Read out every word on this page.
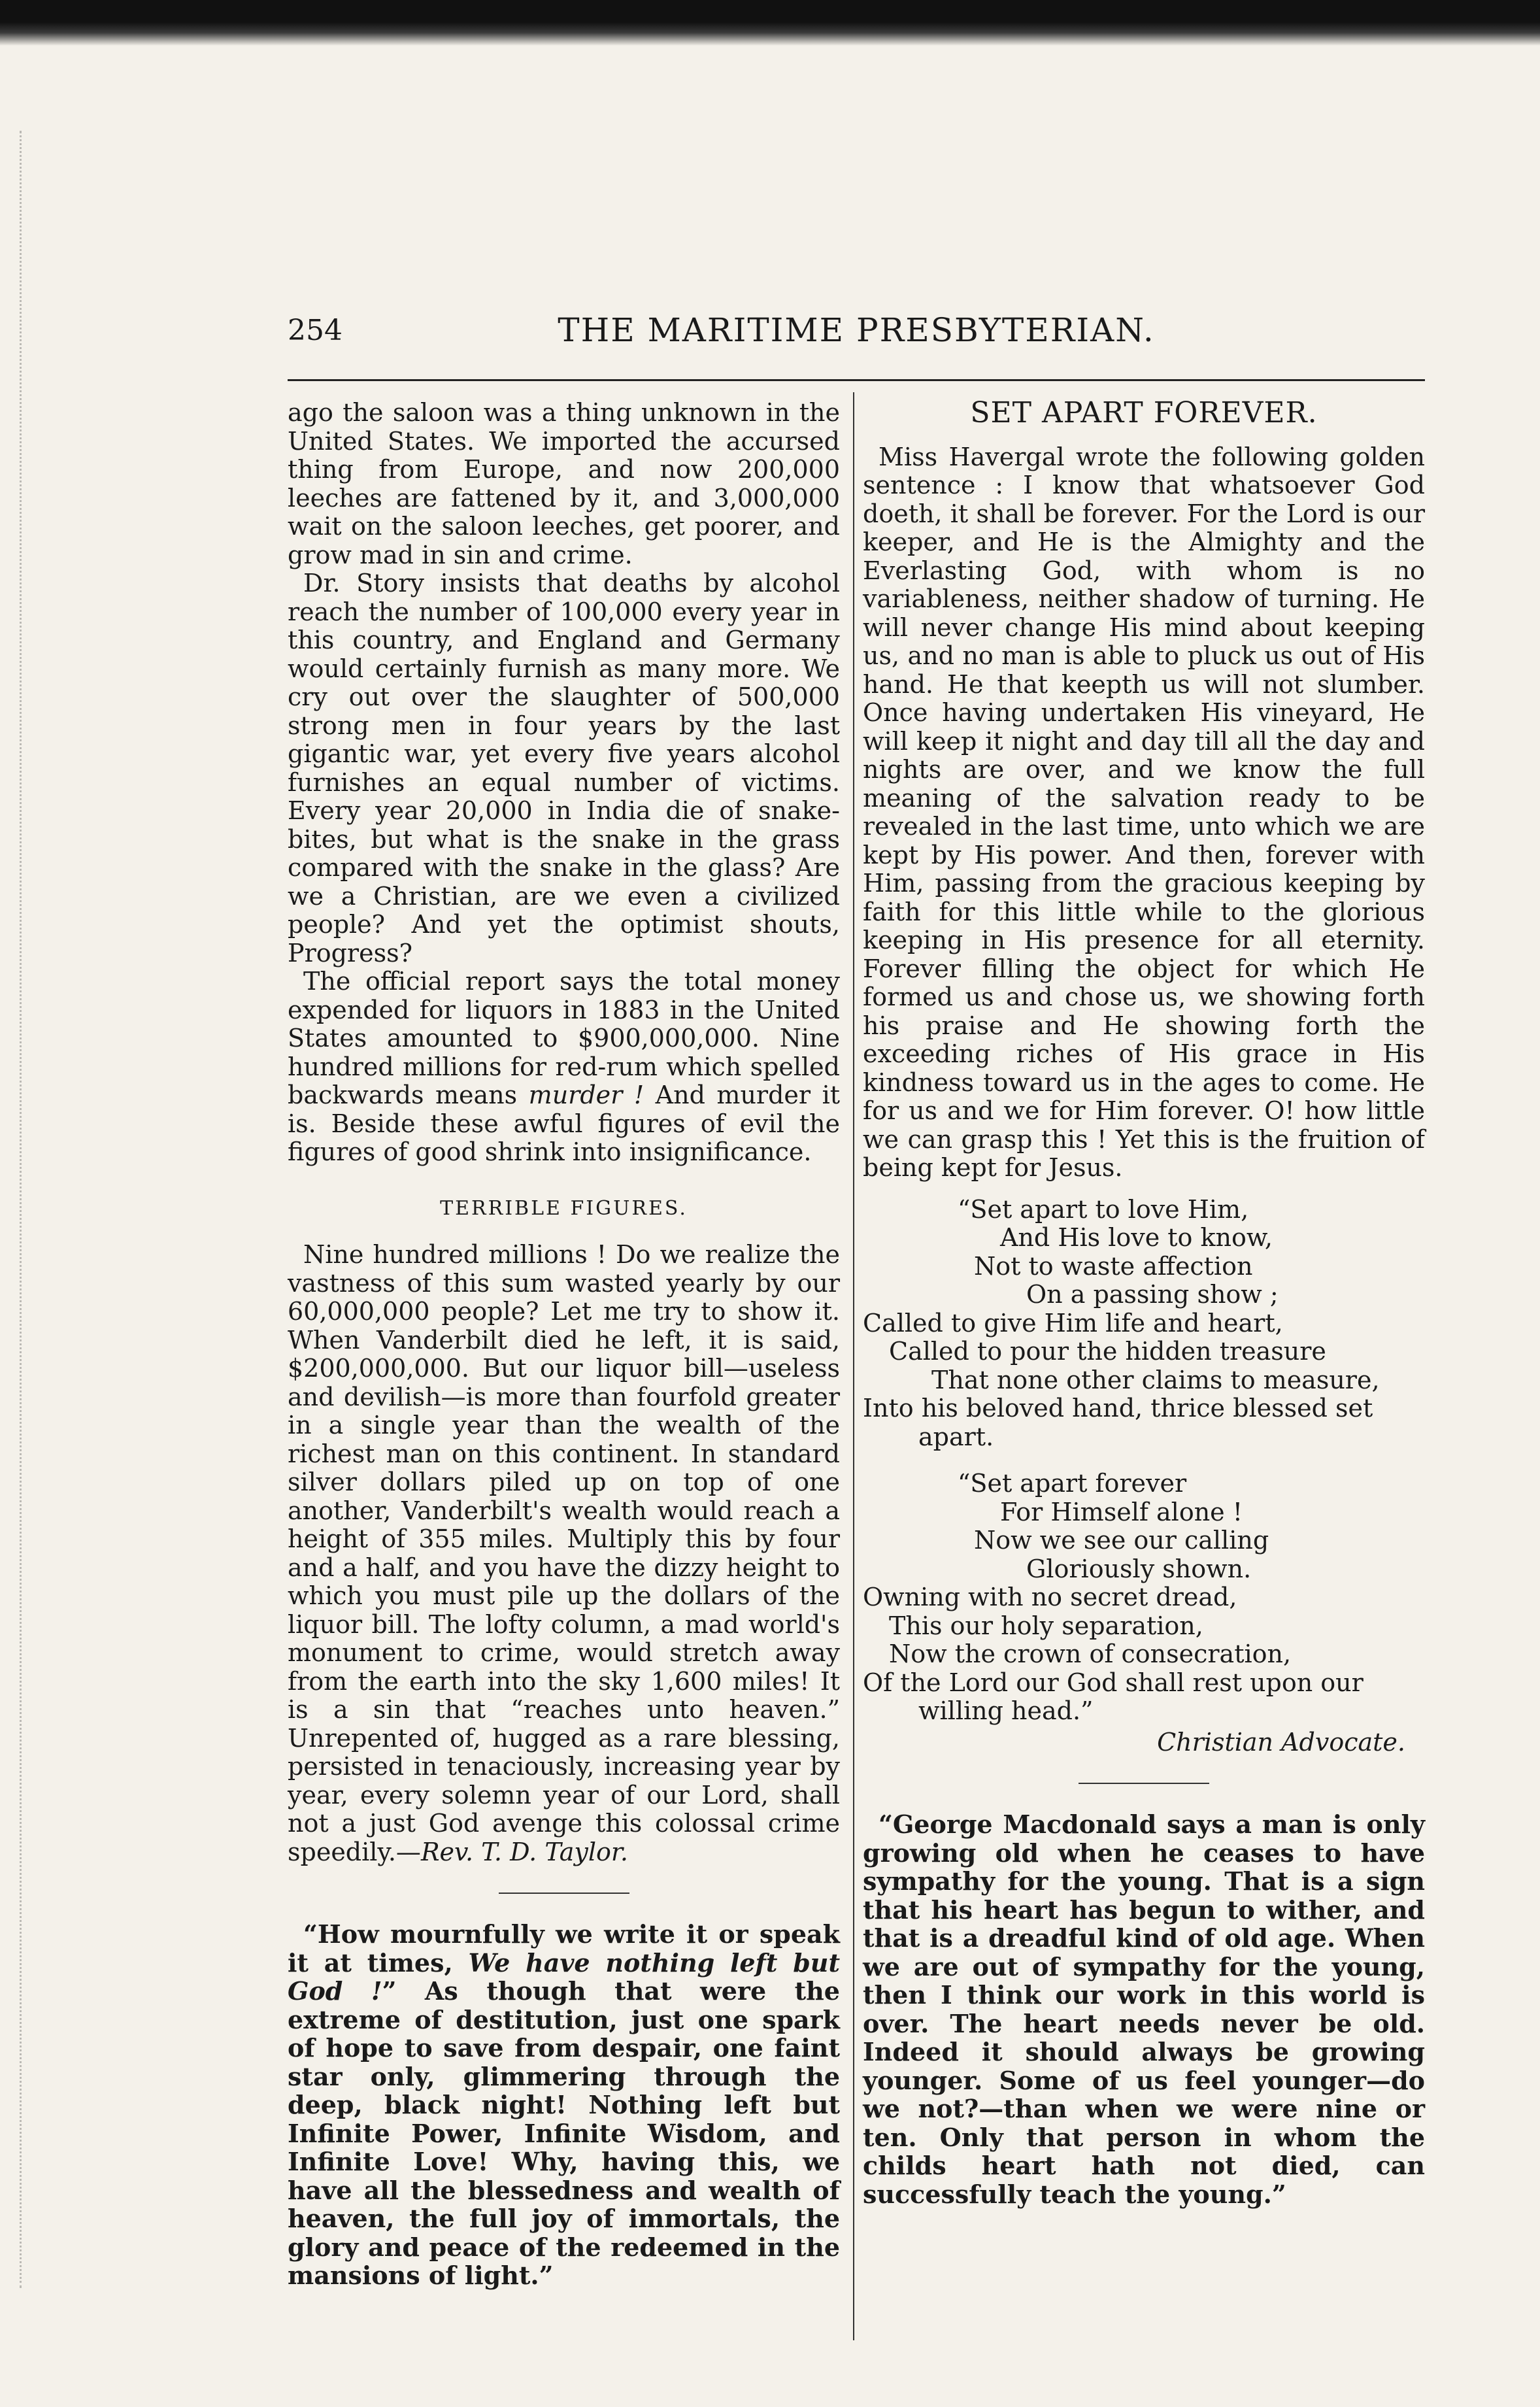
254	THE MARITIME PRESBYTERIAN.

ago the saloon was a thing unknown in the United States. We imported the accursed thing from Europe, and now 200,000 leeches are fattened by it, and 3,000,000 wait on the saloon leeches, get poorer, and grow mad in sin and crime.

Dr. Story insists that deaths by alcohol reach the number of 100,000 every year in this country, and England and Germany would certainly furnish as many more. We cry out over the slaughter of 500,000 strong men in four years by the last gigantic war, yet every five years alcohol furnishes an equal number of victims. Every year 20,000 in India die of snake-bites, but what is the snake in the grass compared with the snake in the glass? Are we a Christian, are we even a civilized people? And yet the optimist shouts, Progress?

The official report says the total money expended for liquors in 1883 in the United States amounted to $900,000,000. Nine hundred millions for red-rum which spelled backwards means murder ! And murder it is. Beside these awful figures of evil the figures of good shrink into insignificance.

TERRIBLE FIGURES.

Nine hundred millions ! Do we realize the vastness of this sum wasted yearly by our 60,000,000 people? Let me try to show it. When Vanderbilt died he left, it is said, $200,000,000. But our liquor bill—useless and devilish—is more than fourfold greater in a single year than the wealth of the richest man on this continent. In standard silver dollars piled up on top of one another, Vanderbilt's wealth would reach a height of 355 miles. Multiply this by four and a half, and you have the dizzy height to which you must pile up the dollars of the liquor bill. The lofty column, a mad world's monument to crime, would stretch away from the earth into the sky 1,600 miles! It is a sin that “reaches unto heaven.” Unrepented of, hugged as a rare blessing, persisted in tenaciously, increasing year by year, every solemn year of our Lord, shall not a just God avenge this colossal crime speedily.—Rev. T. D. Taylor.

“How mournfully we write it or speak it at times, We have nothing left but God !” As though that were the extreme of destitution, just one spark of hope to save from despair, one faint star only, glimmering through the deep, black night! Nothing left but Infinite Power, Infinite Wisdom, and Infinite Love! Why, having this, we have all the blessedness and wealth of heaven, the full joy of immortals, the glory and peace of the redeemed in the mansions of light.”

SET APART FOREVER.

Miss Havergal wrote the following golden sentence : I know that whatsoever God doeth, it shall be forever. For the Lord is our keeper, and He is the Almighty and the Everlasting God, with whom is no variableness, neither shadow of turning. He will never change His mind about keeping us, and no man is able to pluck us out of His hand. He that keepth us will not slumber. Once having undertaken His vineyard, He will keep it night and day till all the day and nights are over, and we know the full meaning of the salvation ready to be revealed in the last time, unto which we are kept by His power. And then, forever with Him, passing from the gracious keeping by faith for this little while to the glorious keeping in His presence for all eternity. Forever filling the object for which He formed us and chose us, we showing forth his praise and He showing forth the exceeding riches of His grace in His kindness toward us in the ages to come. He for us and we for Him forever. O! how little we can grasp this ! Yet this is the fruition of being kept for Jesus.

“Set apart to love Him,
And His love to know,
Not to waste affection
On a passing show ;
Called to give Him life and heart,
Called to pour the hidden treasure
That none other claims to measure,
Into his beloved hand, thrice blessed set
apart.
“Set apart forever
For Himself alone !
Now we see our calling
Gloriously shown.
Owning with no secret dread,
This our holy separation,
Now the crown of consecration,
Of the Lord our God shall rest upon our
willing head.”
Christian Advocate.

“George Macdonald says a man is only growing old when he ceases to have sympathy for the young. That is a sign that his heart has begun to wither, and that is a dreadful kind of old age. When we are out of sympathy for the young, then I think our work in this world is over. The heart needs never be old. Indeed it should always be growing younger. Some of us feel younger—do we not?—than when we were nine or ten. Only that person in whom the childs heart hath not died, can successfully teach the young.”
